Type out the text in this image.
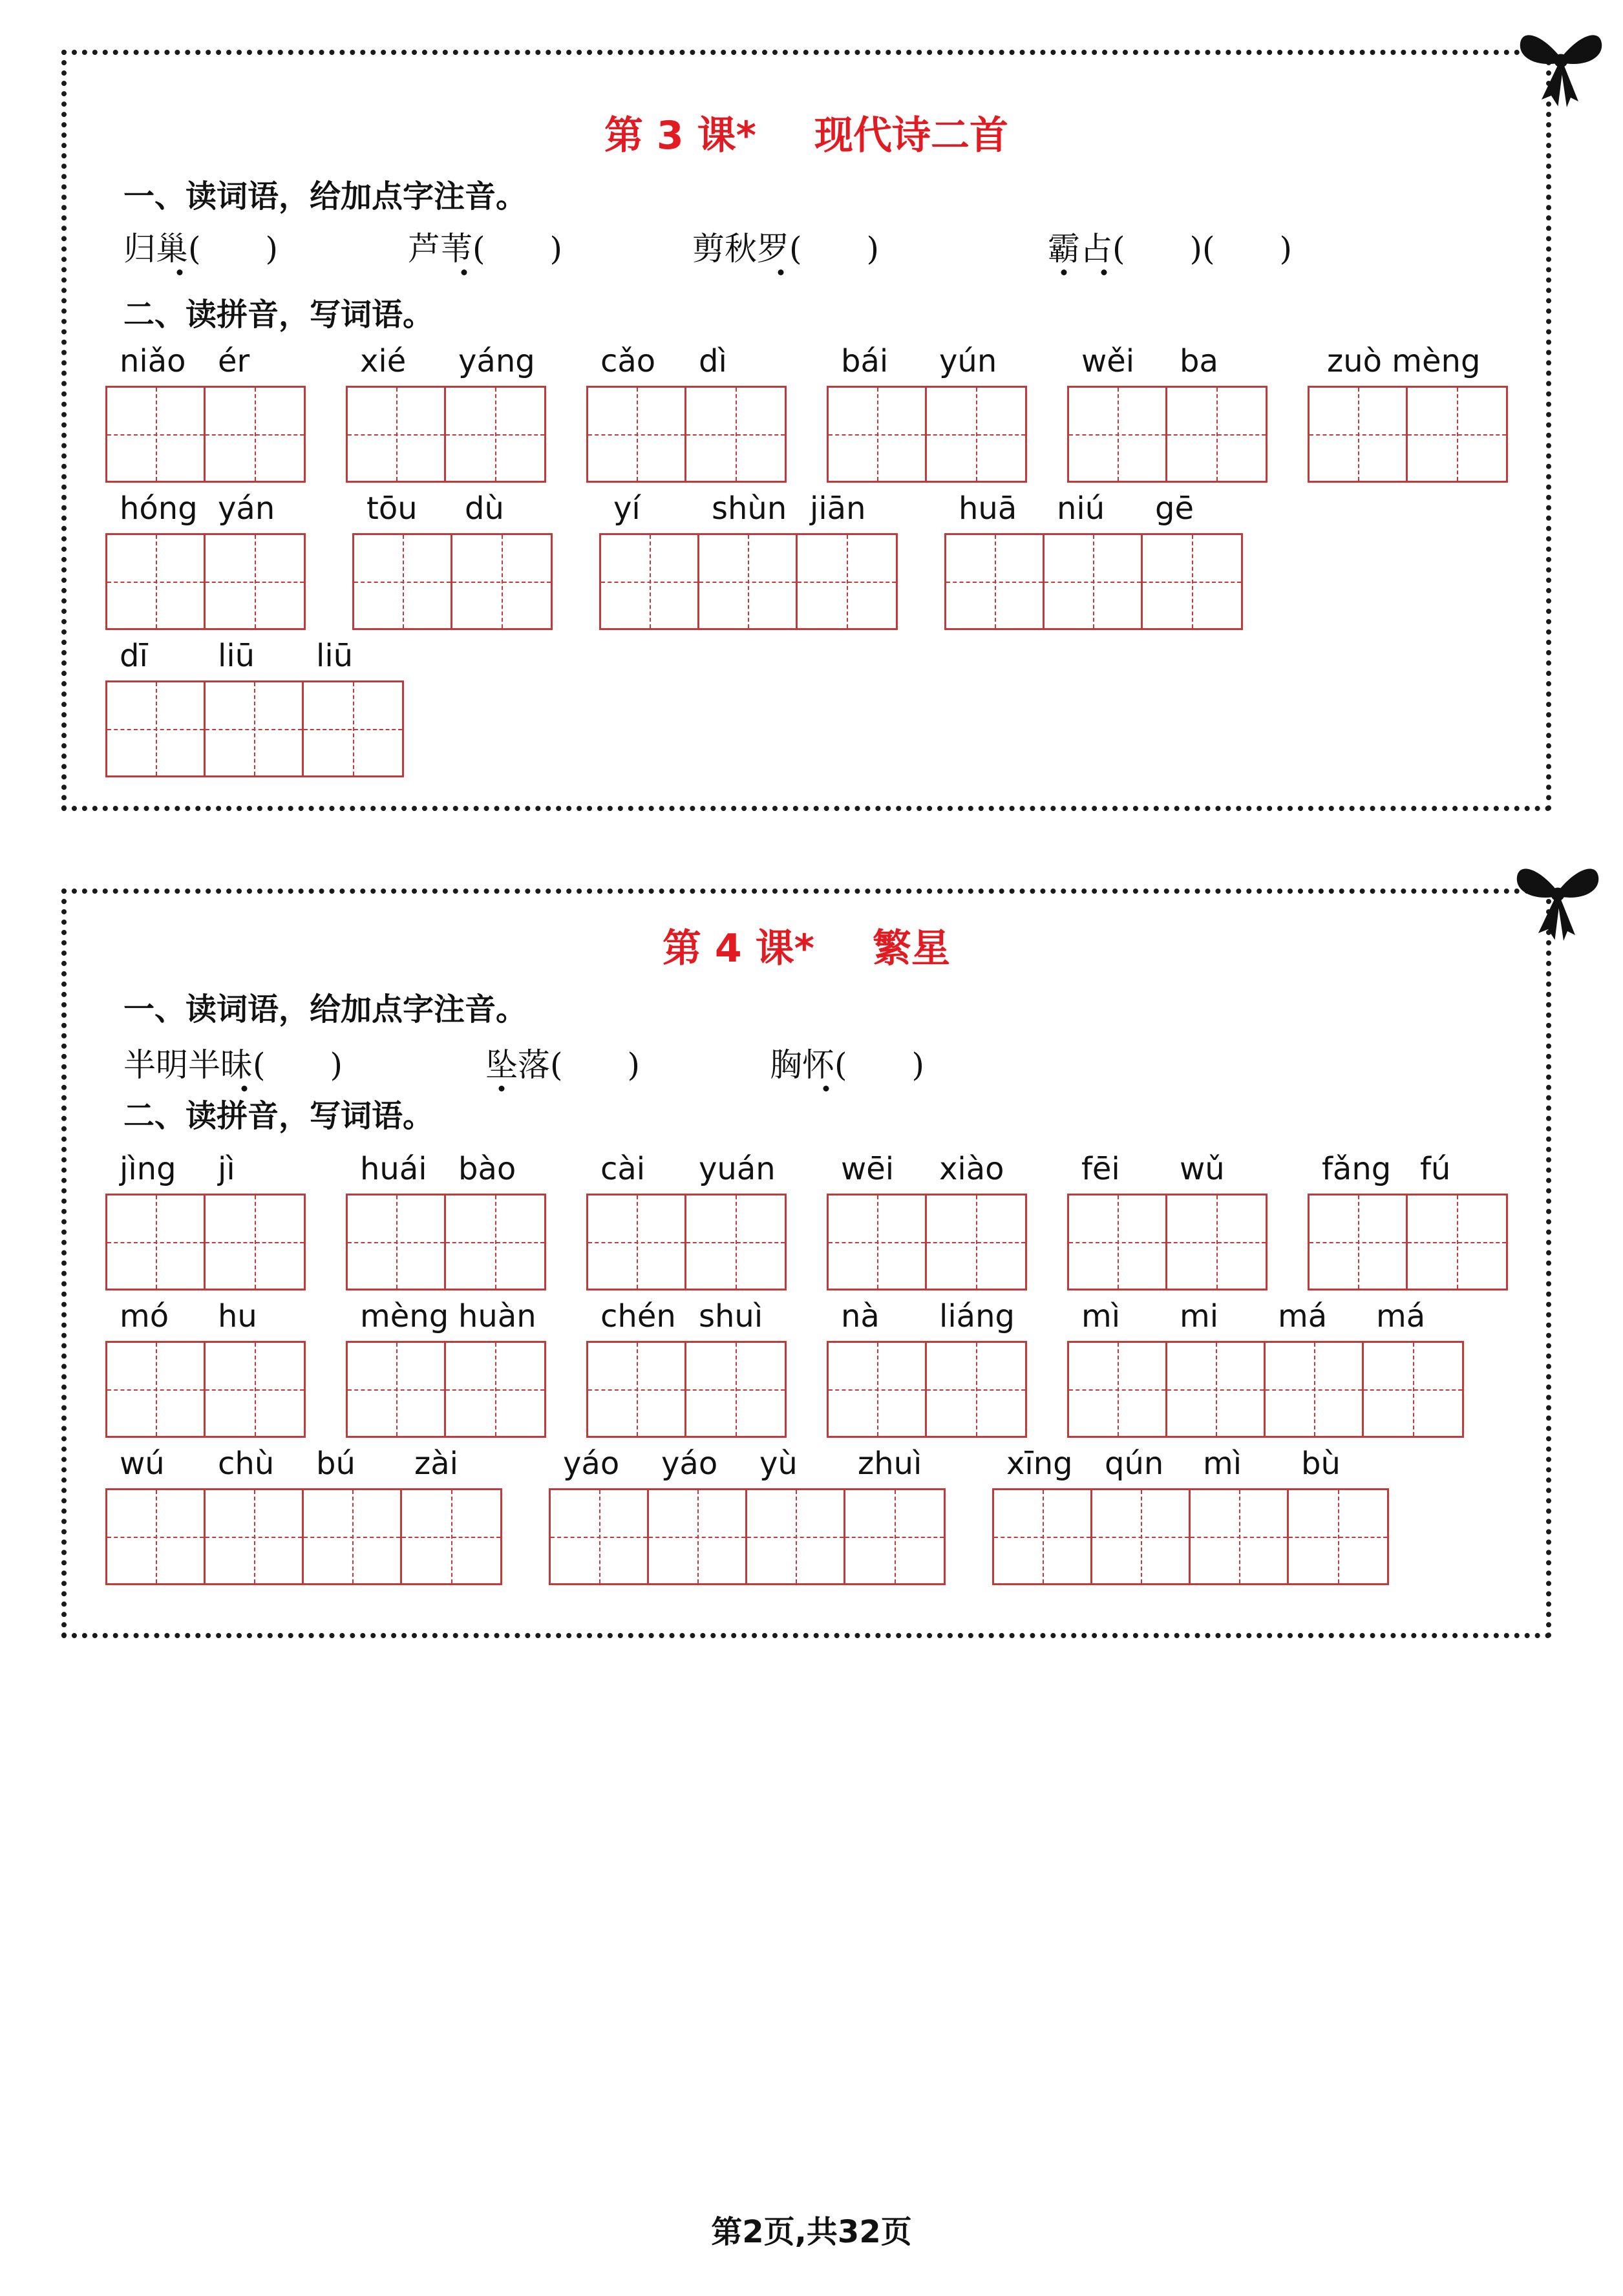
第 3 课* 现代诗二首
一、读词语，给加点字注音。
归巢(　　)	芦苇(　　)	剪秋罗(　　)	霸占(　　)(　　)
二、读拼音，写词语。
niǎo ér	xié yáng cǎo dì	bái yún	wěi ba	zuò mèng
hóng yán	tōu dù	yí shùn jiān	huā niú gē
dī liū liū
第 4 课* 繁星
一、读词语，给加点字注音。
半明半昧(　　)	坠落(　　)	胸怀(　　)
二、读拼音，写词语。
jìng jì	huái bào	cài yuán wēi xiào fēi wǔ	fǎng fú
mó hu	mèng huàn chén shuì	nà liáng mì mi má má
wú chù bú zài	yáo yáo yù zhuì	xīng qún mì bù
第2页,共32页
